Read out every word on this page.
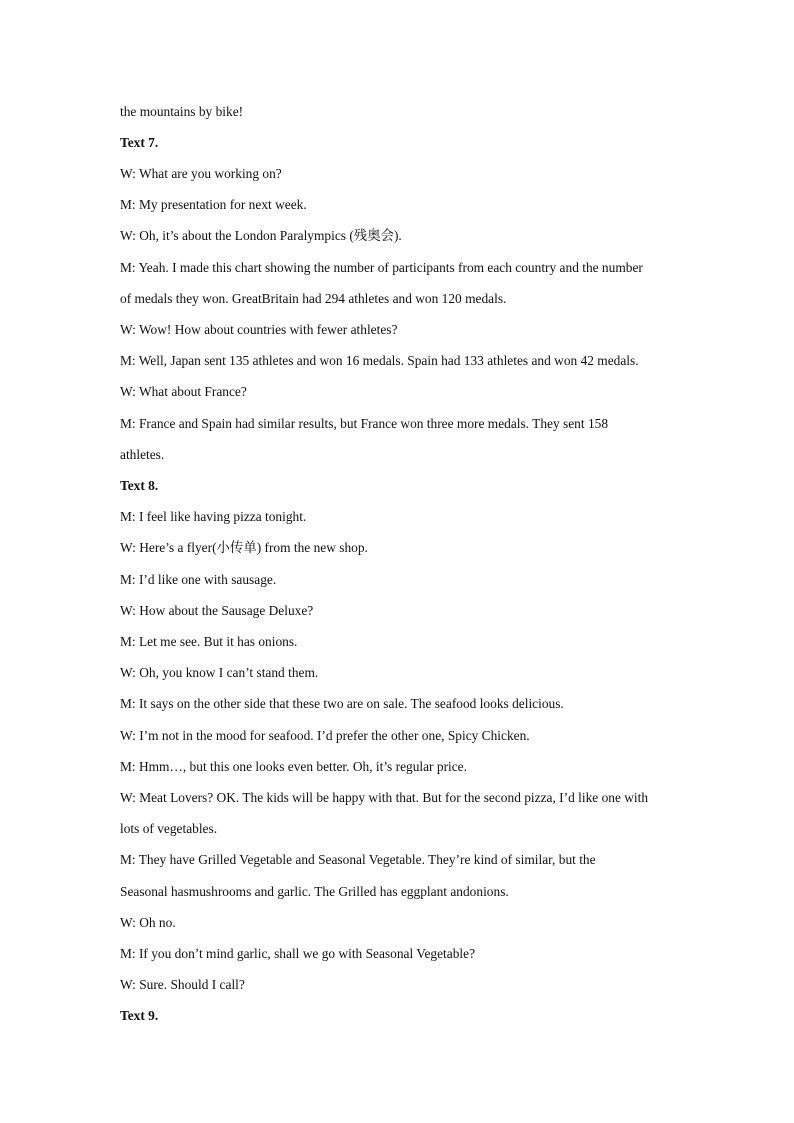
the mountains by bike!
Text 7.
W: What are you working on?
M: My presentation for next week.
W: Oh, it’s about the London Paralympics (残奥会).
M: Yeah. I made this chart showing the number of participants from each country and the number
of medals they won. GreatBritain had 294 athletes and won 120 medals.
W: Wow! How about countries with fewer athletes?
M: Well, Japan sent 135 athletes and won 16 medals. Spain had 133 athletes and won 42 medals.
W: What about France?
M: France and Spain had similar results, but France won three more medals. They sent 158
athletes.
Text 8.
M: I feel like having pizza tonight.
W: Here’s a flyer(小传单) from the new shop.
M: I’d like one with sausage.
W: How about the Sausage Deluxe?
M: Let me see. But it has onions.
W: Oh, you know I can’t stand them.
M: It says on the other side that these two are on sale. The seafood looks delicious.
W: I’m not in the mood for seafood. I’d prefer the other one, Spicy Chicken.
M: Hmm…, but this one looks even better. Oh, it’s regular price.
W: Meat Lovers? OK. The kids will be happy with that. But for the second pizza, I’d like one with
lots of vegetables.
M: They have Grilled Vegetable and Seasonal Vegetable. They’re kind of similar, but the
Seasonal hasmushrooms and garlic. The Grilled has eggplant andonions.
W: Oh no.
M: If you don’t mind garlic, shall we go with Seasonal Vegetable?
W: Sure. Should I call?
Text 9.
